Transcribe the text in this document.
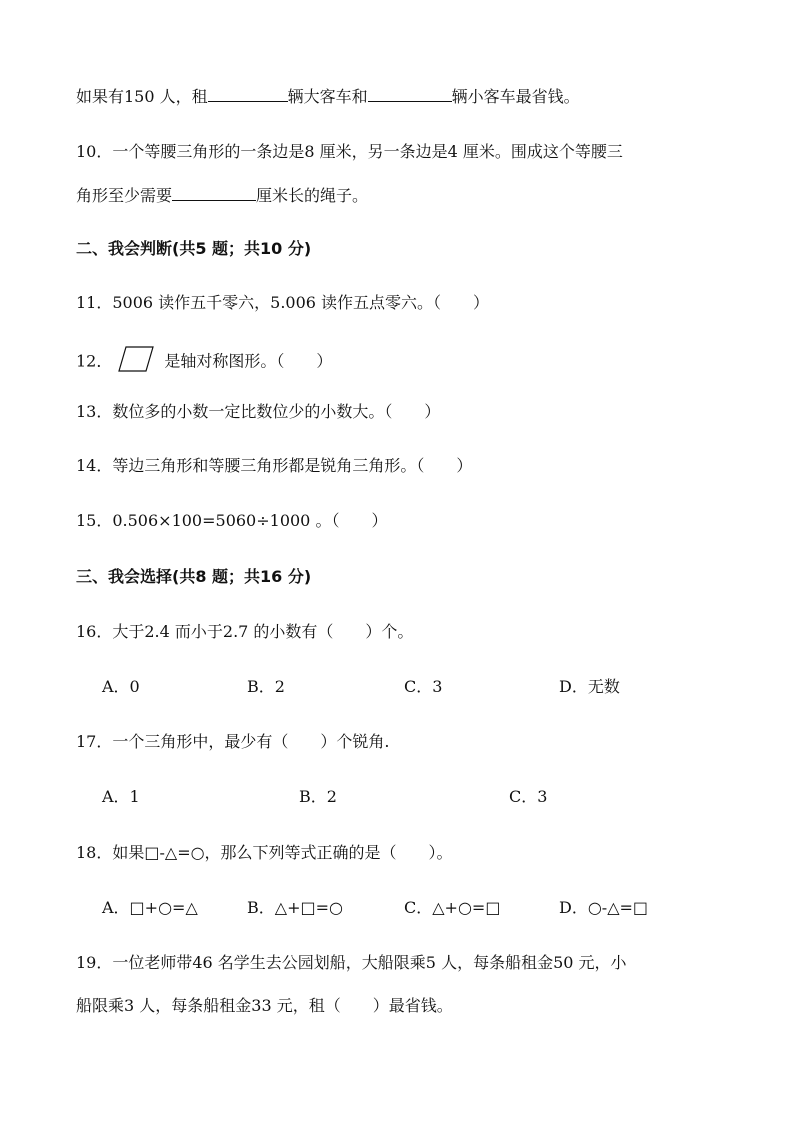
如果有150 人，租	辆大客车和	辆小客车最省钱。
10．一个等腰三角形的一条边是8 厘米，另一条边是4 厘米。围成这个等腰三
角形至少需要	厘米长的绳子。
二、我会判断(共5 题；共10 分)
11．5006 读作五千零六，5.006 读作五点零六。（　　）
12．	是轴对称图形。（　　）
13．数位多的小数一定比数位少的小数大。（　　）
14．等边三角形和等腰三角形都是锐角三角形。（　　）
15．0.506×100=5060÷1000 。（　　）
三、我会选择(共8 题；共16 分)
16．大于2.4 而小于2.7 的小数有（　　）个。
A．0	B．2	C．3	D．无数
17．一个三角形中，最少有（　　）个锐角.
A．1	B．2	C．3
18．如果□-△=○，那么下列等式正确的是（　　）。
A．□+○=△	B．△+□=○	C．△+○=□	D．○-△=□
19．一位老师带46 名学生去公园划船，大船限乘5 人，每条船租金50 元，小
船限乘3 人，每条船租金33 元，租（　　）最省钱。
